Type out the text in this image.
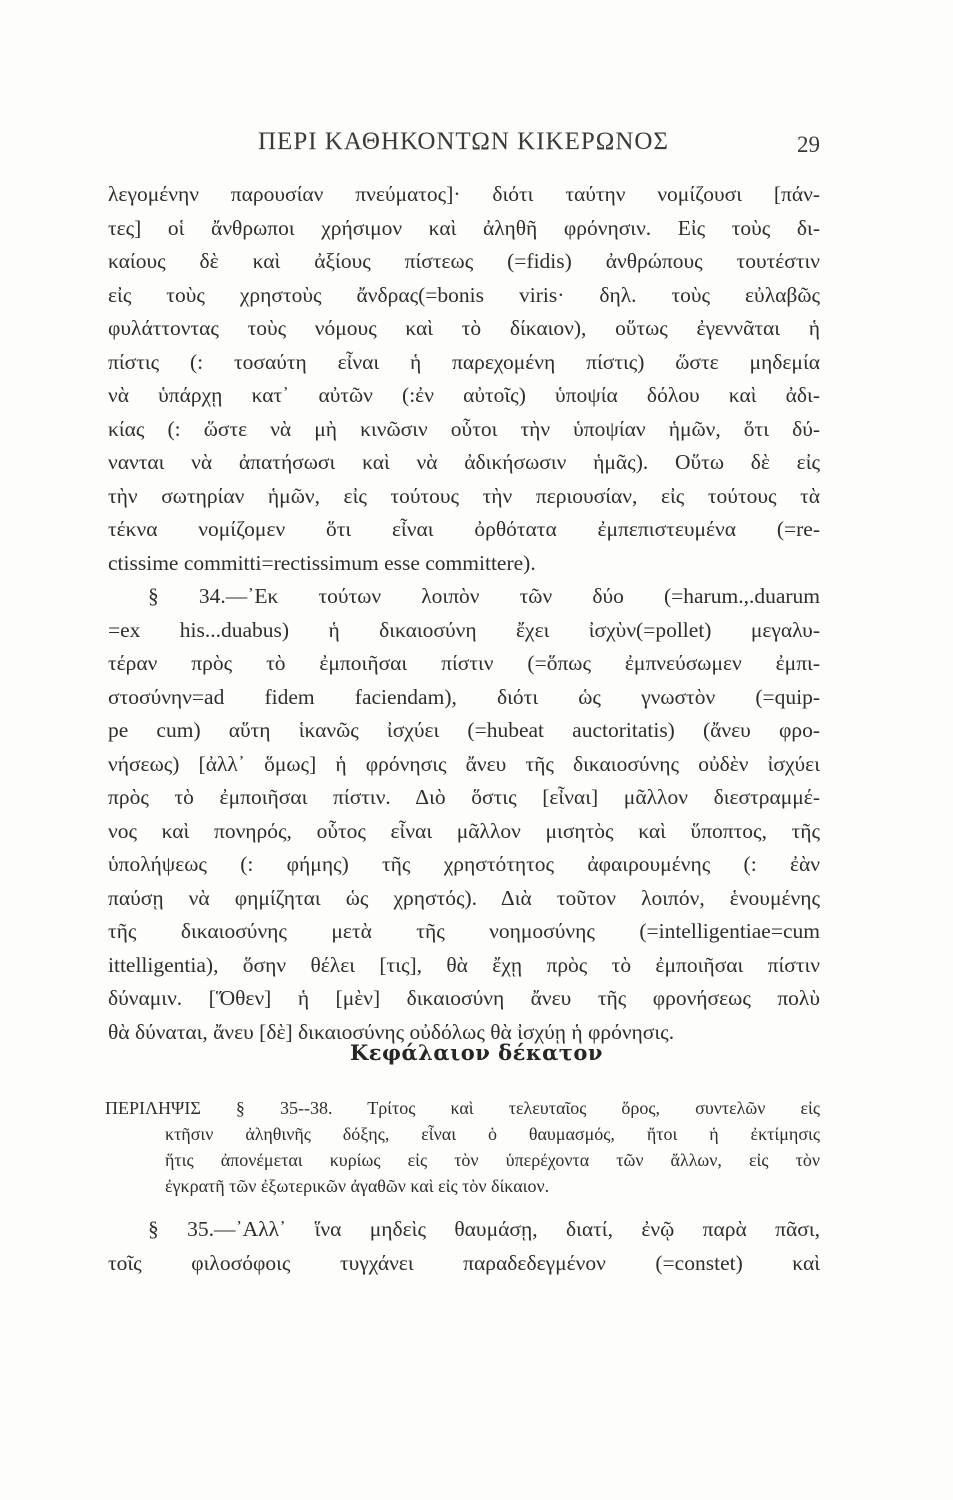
ΠΕΡΙ ΚΑΘΗΚΟΝΤΩΝ ΚΙΚΕΡΩΝΟΣ	29
λεγομένην παρουσίαν πνεύματος]· διότι ταύτην νομίζουσι [πάν-
τες] οἱ ἄνθρωποι χρήσιμον καὶ ἀληθῆ φρόνησιν. Εἰς τοὺς δι-
καίους δὲ καὶ ἀξίους πίστεως (=fidis) ἀνθρώπους τουτέστιν
εἰς τοὺς χρηστοὺς ἄνδρας(=bonis viris· δηλ. τοὺς εὐλαβῶς
φυλάττοντας τοὺς νόμους καὶ τὸ δίκαιον), οὕτως ἐγεννᾶται ἡ
πίστις (: τοσαύτη εἶναι ἡ παρεχομένη πίστις) ὥστε μηδεμία
νὰ ὑπάρχῃ κατ᾽ αὐτῶν (:ἐν αὐτοῖς) ὑποψία δόλου καὶ ἀδι-
κίας (: ὥστε νὰ μὴ κινῶσιν οὗτοι τὴν ὑποψίαν ἡμῶν, ὅτι δύ-
νανται νὰ ἀπατήσωσι καὶ νὰ ἀδικήσωσιν ἡμᾶς). Οὕτω δὲ εἰς
τὴν σωτηρίαν ἡμῶν, εἰς τούτους τὴν περιουσίαν, εἰς τούτους τὰ
τέκνα νομίζομεν ὅτι εἶναι ὀρθότατα ἐμπεπιστευμένα (=re-
ctissime committi=rectissimum esse committere).
§ 34.—᾽Εκ τούτων λοιπὸν τῶν δύο (=harum.,.duarum
=ex his...duabus) ἡ δικαιοσύνη ἔχει ἰσχὺν(=pollet) μεγαλυ-
τέραν πρὸς τὸ ἐμποιῆσαι πίστιν (=ὅπως ἐμπνεύσωμεν ἐμπι-
στοσύνην=ad fidem faciendam), διότι ὡς γνωστὸν (=quip-
pe cum) αὕτη ἱκανῶς ἰσχύει (=hubeat auctoritatis) (ἄνευ φρο-
νήσεως) [ἀλλ᾽ ὅμως] ἡ φρόνησις ἄνευ τῆς δικαιοσύνης οὐδὲν ἰσχύει
πρὸς τὸ ἐμποιῆσαι πίστιν. Διὸ ὅστις [εἶναι] μᾶλλον διεστραμμέ-
νος καὶ πονηρός, οὗτος εἶναι μᾶλλον μισητὸς καὶ ὕποπτος, τῆς
ὑπολήψεως (: φήμης) τῆς χρηστότητος ἀφαιρουμένης (: ἐὰν
παύσῃ νὰ φημίζηται ὡς χρηστός). Διὰ τοῦτον λοιπόν, ἑνουμένης
τῆς δικαιοσύνης μετὰ τῆς νοημοσύνης (=intelligentiae=cum
ittelligentia), ὅσην θέλει [τις], θὰ ἔχῃ πρὸς τὸ ἐμποιῆσαι πίστιν
δύναμιν. [Ὅθεν] ἡ [μὲν] δικαιοσύνη ἄνευ τῆς φρονήσεως πολὺ
θὰ δύναται, ἄνευ [δὲ] δικαιοσύνης οὐδόλως θὰ ἰσχύῃ ἡ φρόνησις.
Κεφάλαιον δέκατον
ΠΕΡΙΛΗΨΙΣ § 35--38. Τρίτος καὶ τελευταῖος ὅρος, συντελῶν εἰς
κτῆσιν ἀληθινῆς δόξης, εἶναι ὁ θαυμασμός, ἤτοι ἡ ἐκτίμησις
ἥτις ἀπονέμεται κυρίως εἰς τὸν ὑπερέχοντα τῶν ἄλλων, εἰς τὸν
ἐγκρατῆ τῶν ἐξωτερικῶν ἀγαθῶν καὶ εἰς τὸν δίκαιον.
§ 35.—᾽Αλλ᾽ ἵνα μηδεὶς θαυμάσῃ, διατί, ἐνῷ παρὰ πᾶσι,
τοῖς φιλοσόφοις τυγχάνει παραδεδεγμένον (=constet) καὶ
